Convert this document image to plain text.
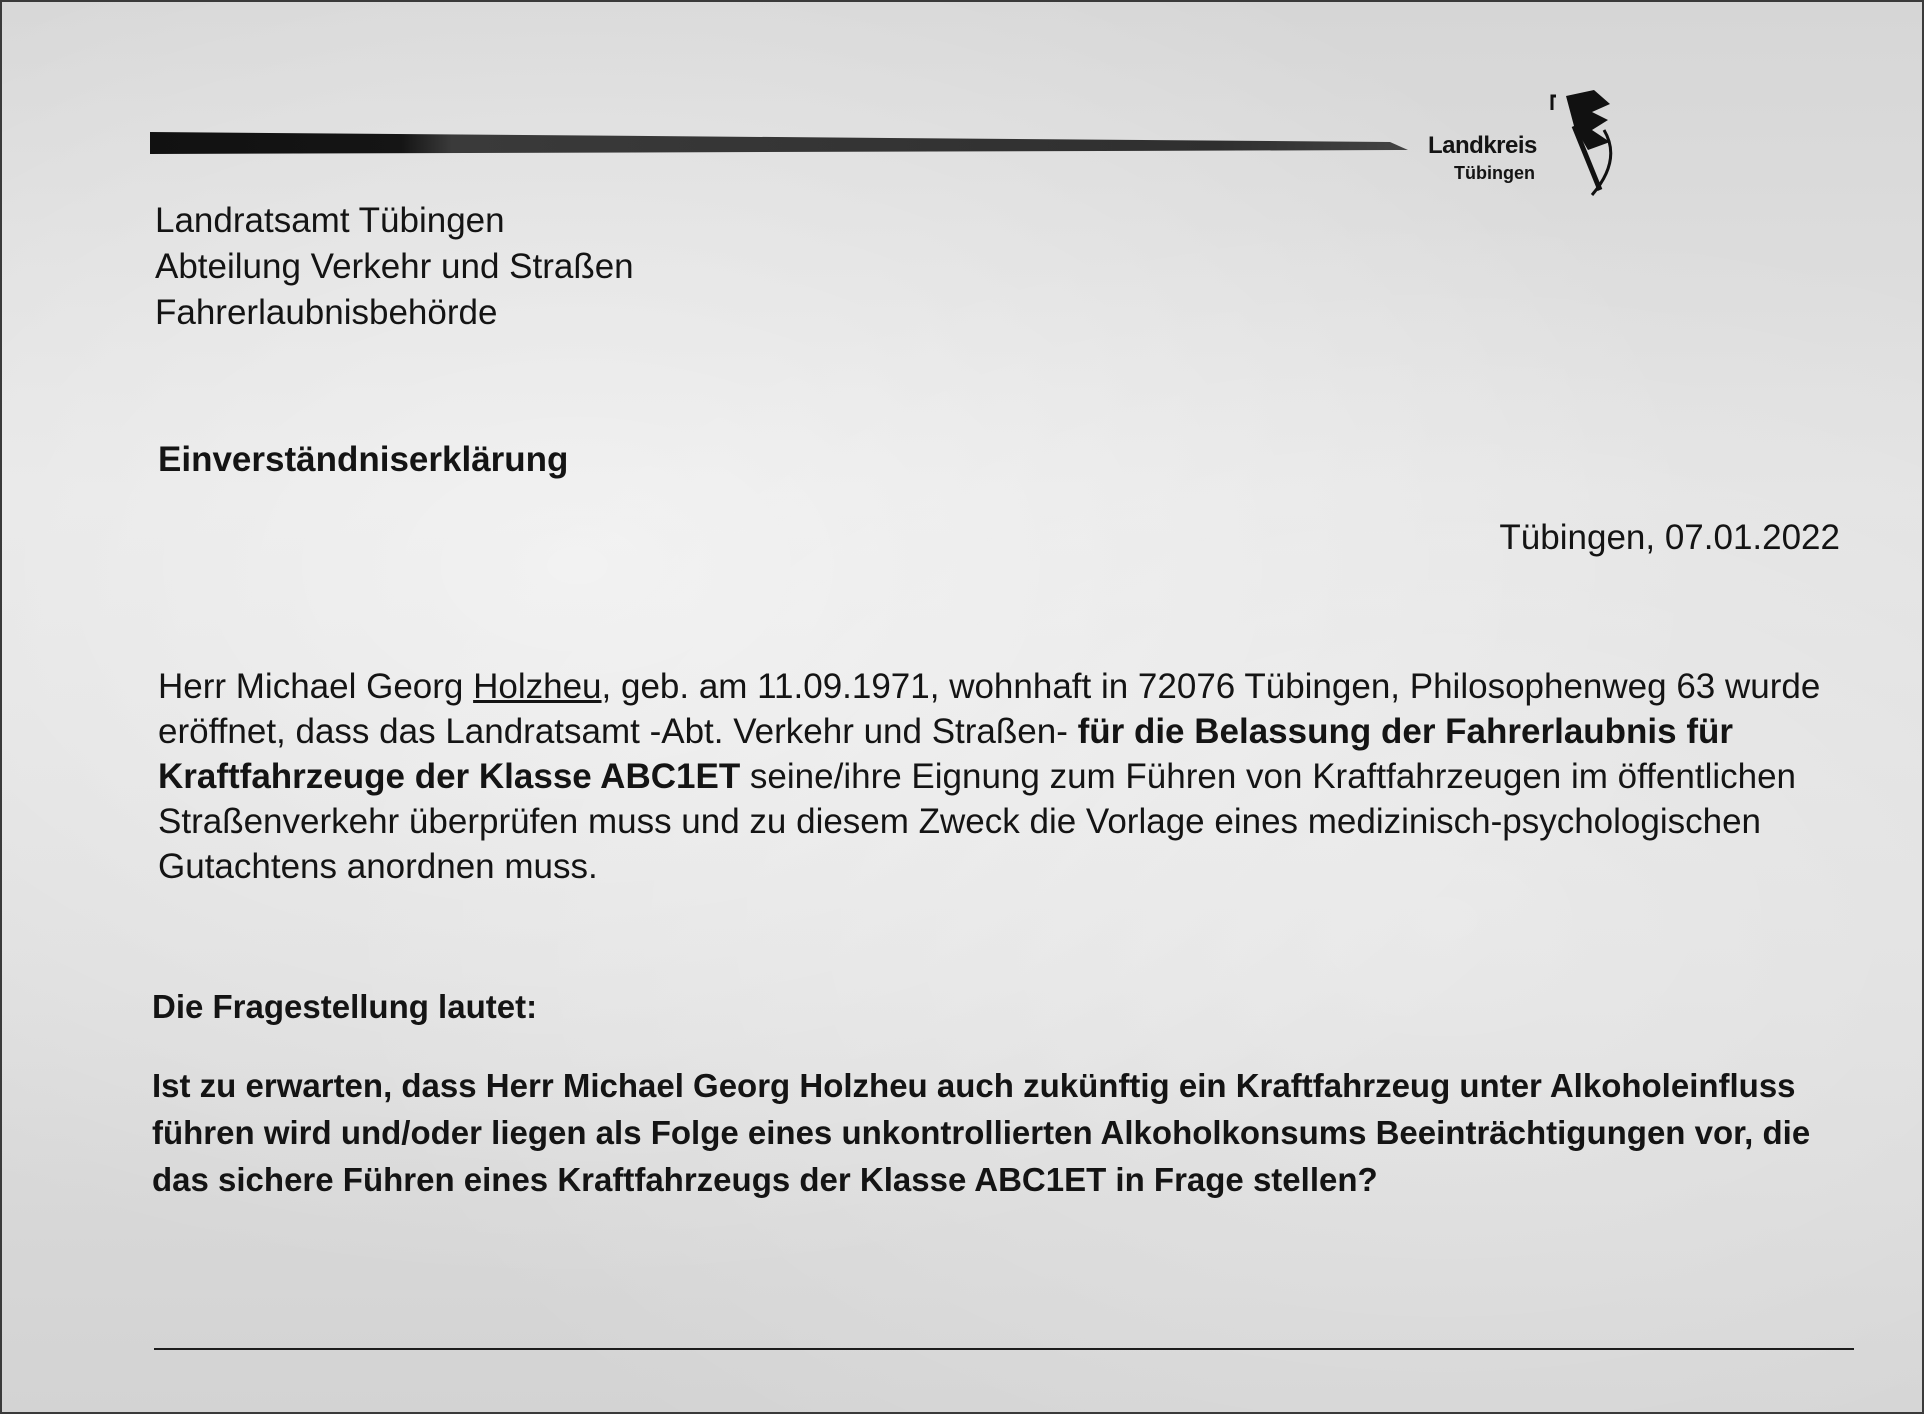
Landkreis
Tübingen
Landratsamt Tübingen
Abteilung Verkehr und Straßen
Fahrerlaubnisbehörde
Einverständniserklärung
Tübingen, 07.01.2022
Herr Michael Georg Holzheu, geb. am 11.09.1971, wohnhaft in 72076 Tübingen, Philosophenweg 63 wurde eröffnet, dass das Landratsamt -Abt. Verkehr und Straßen- für die Belassung der Fahrerlaubnis für Kraftfahrzeuge der Klasse ABC1ET seine/ihre Eignung zum Führen von Kraftfahrzeugen im öffentlichen Straßenverkehr überprüfen muss und zu diesem Zweck die Vorlage eines medizinisch-psychologischen Gutachtens anordnen muss.
Die Fragestellung lautet:
Ist zu erwarten, dass Herr Michael Georg Holzheu auch zukünftig ein Kraftfahrzeug unter Alkoholeinfluss führen wird und/oder liegen als Folge eines unkontrollierten Alkoholkonsums Beeinträchtigungen vor, die das sichere Führen eines Kraftfahrzeugs der Klasse ABC1ET in Frage stellen?
